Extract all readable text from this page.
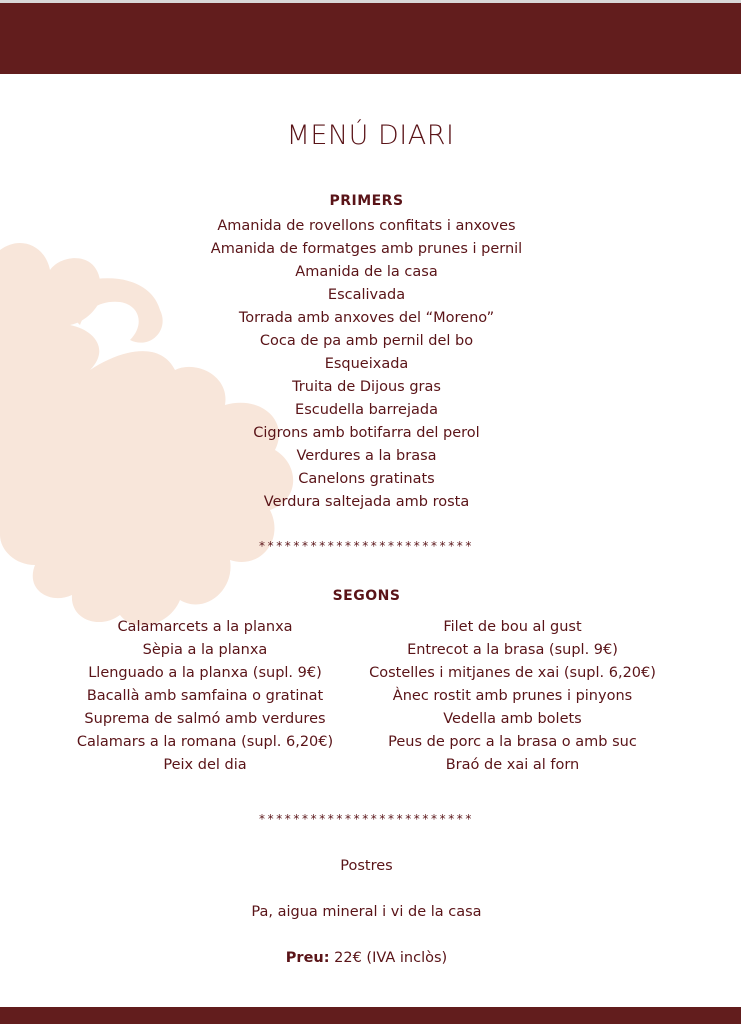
MENÚ DIARI
PRIMERS
Amanida de rovellons confitats i anxoves
Amanida de formatges amb prunes i pernil
Amanida de la casa
Escalivada
Torrada amb anxoves del “Moreno”
Coca de pa amb pernil del bo
Esqueixada
Truita de Dijous gras
Escudella barrejada
Cigrons amb botifarra del perol
Verdures a la brasa
Canelons gratinats
Verdura saltejada amb rosta
*************************
SEGONS
Calamarcets a la planxa
Sèpia a la planxa
Llenguado a la planxa (supl. 9€)
Bacallà amb samfaina o gratinat
Suprema de salmó amb verdures
Calamars a la romana (supl. 6,20€)
Peix del dia
Filet de bou al gust
Entrecot a la brasa (supl. 9€)
Costelles i mitjanes de xai (supl. 6,20€)
Ànec rostit amb prunes i pinyons
Vedella amb bolets
Peus de porc a la brasa o amb suc
Braó de xai al forn
*************************
Postres
Pa, aigua mineral i vi de la casa
Preu: 22€ (IVA inclòs)
